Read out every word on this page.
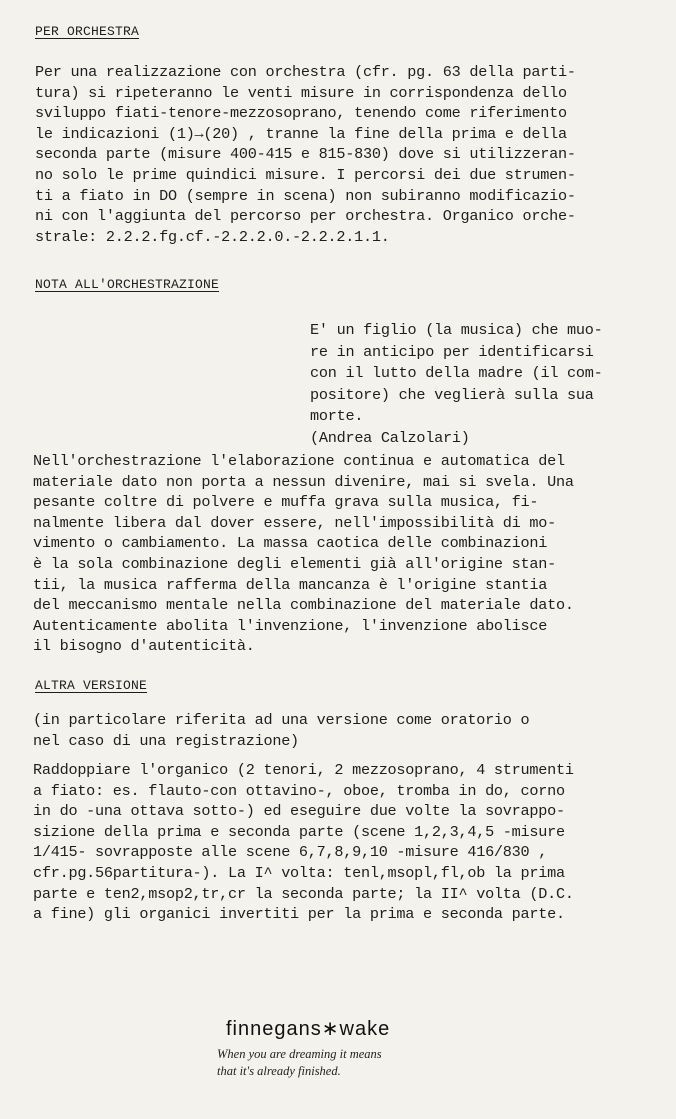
PER ORCHESTRA
Per una realizzazione con orchestra (cfr. pg. 63 della parti-
tura) si ripeteranno le venti misure in corrispondenza dello
sviluppo fiati-tenore-mezzosoprano, tenendo come riferimento
le indicazioni (1)→(20) , tranne la fine della prima e della
seconda parte (misure 400-415 e 815-830) dove si utilizzeran-
no solo le prime quindici misure. I percorsi dei due strumen-
ti a fiato in DO (sempre in scena) non subiranno modificazio-
ni con l'aggiunta del percorso per orchestra. Organico orche-
strale: 2.2.2.fg.cf.-2.2.2.0.-2.2.2.1.1.
NOTA ALL'ORCHESTRAZIONE
E' un figlio (la musica) che muo-
re in anticipo per identificarsi
con il lutto della madre (il com-
positore) che veglierà sulla sua
morte.
(Andrea Calzolari)
Nell'orchestrazione l'elaborazione continua e automatica del
materiale dato non porta a nessun divenire, mai si svela. Una
pesante coltre di polvere e muffa grava sulla musica, fi-
nalmente libera dal dover essere, nell'impossibilità di mo-
vimento o cambiamento. La massa caotica delle combinazioni
è la sola combinazione degli elementi già all'origine stan-
tii, la musica rafferma della mancanza è l'origine stantia
del meccanismo mentale nella combinazione del materiale dato.
Autenticamente abolita l'invenzione, l'invenzione abolisce
il bisogno d'autenticità.
ALTRA VERSIONE
(in particolare riferita ad una versione come oratorio o
nel caso di una registrazione)
Raddoppiare l'organico (2 tenori, 2 mezzosoprano, 4 strumenti
a fiato: es. flauto-con ottavino-, oboe, tromba in do, corno
in do -una ottava sotto-) ed eseguire due volte la sovrappo-
sizione della prima e seconda parte (scene 1,2,3,4,5 -misure
1/415- sovrapposte alle scene 6,7,8,9,10 -misure 416/830 ,
cfr.pg.56partitura-). La I^ volta: tenl,msopl,fl,ob la prima
parte e ten2,msop2,tr,cr la seconda parte; la II^ volta (D.C.
a fine) gli organici invertiti per la prima e seconda parte.
finnegans∗wake
When you are dreaming it means
that it's already finished.
